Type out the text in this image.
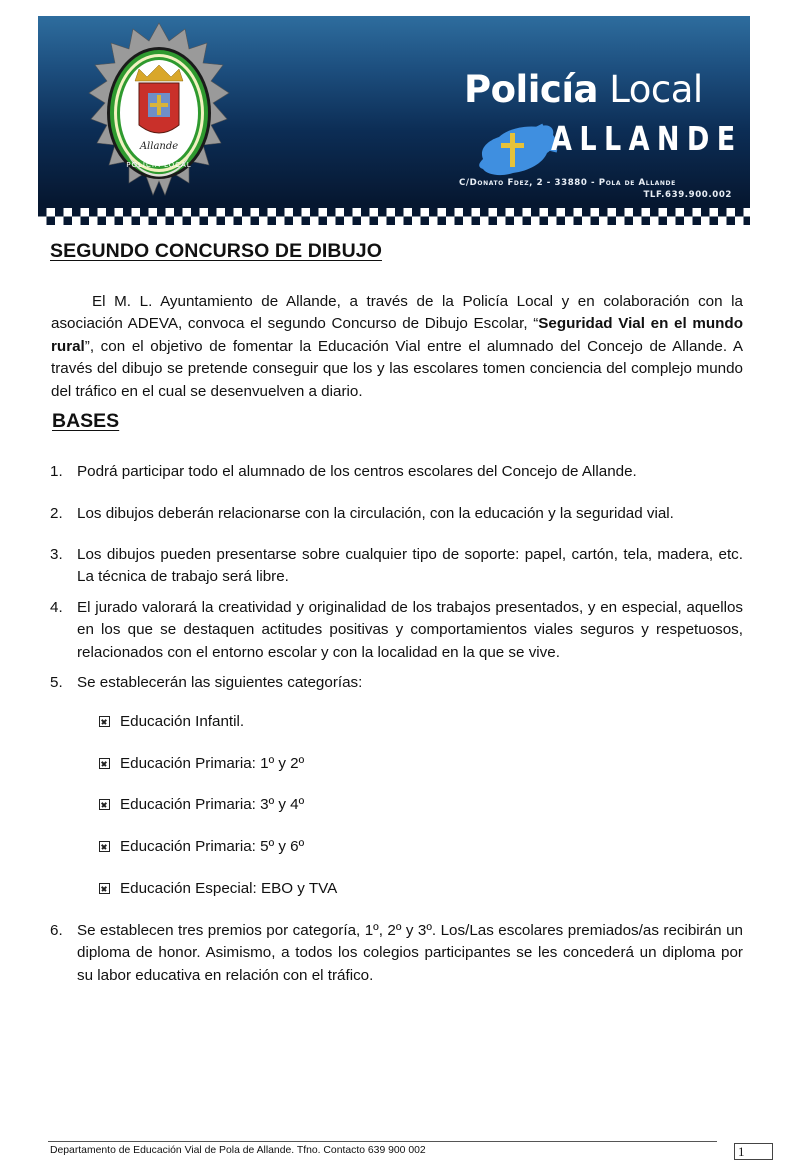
Allande
POLICIA LOCAL
Policía Local
ALLANDE
C/Donato Fdez, 2 - 33880 - Pola de Allande
TLF.639.900.002
SEGUNDO CONCURSO DE DIBUJO

El M. L. Ayuntamiento de Allande, a través de la Policía Local y en colaboración con la asociación ADEVA, convoca el segundo Concurso de Dibujo Escolar, “Seguridad Vial en el mundo rural”, con el objetivo de fomentar la Educación Vial entre el alumnado del Concejo de Allande. A través del dibujo se pretende conseguir que los y las escolares tomen conciencia del complejo mundo del tráfico en el cual se desenvuelven a diario.

BASES
1. Podrá participar todo el alumnado de los centros escolares del Concejo de Allande.
2. Los dibujos deberán relacionarse con la circulación, con la educación y la seguridad vial.
3. Los dibujos pueden presentarse sobre cualquier tipo de soporte: papel, cartón, tela, madera, etc. La técnica de trabajo será libre.
4. El jurado valorará la creatividad y originalidad de los trabajos presentados, y en especial, aquellos en los que se destaquen actitudes positivas y comportamientos viales seguros y respetuosos, relacionados con el entorno escolar y con la localidad en la que se vive.
5. Se establecerán las siguientes categorías:
Educación Infantil.
Educación Primaria: 1º y 2º
Educación Primaria: 3º y 4º
Educación Primaria: 5º y 6º
Educación Especial: EBO y TVA
6. Se establecen tres premios por categoría, 1º, 2º y 3º. Los/Las escolares premiados/as recibirán un diploma de honor. Asimismo, a todos los colegios participantes se les concederá un diploma por su labor educativa en relación con el tráfico.
Departamento de Educación Vial de Pola de Allande. Tfno. Contacto 639 900 002	1
